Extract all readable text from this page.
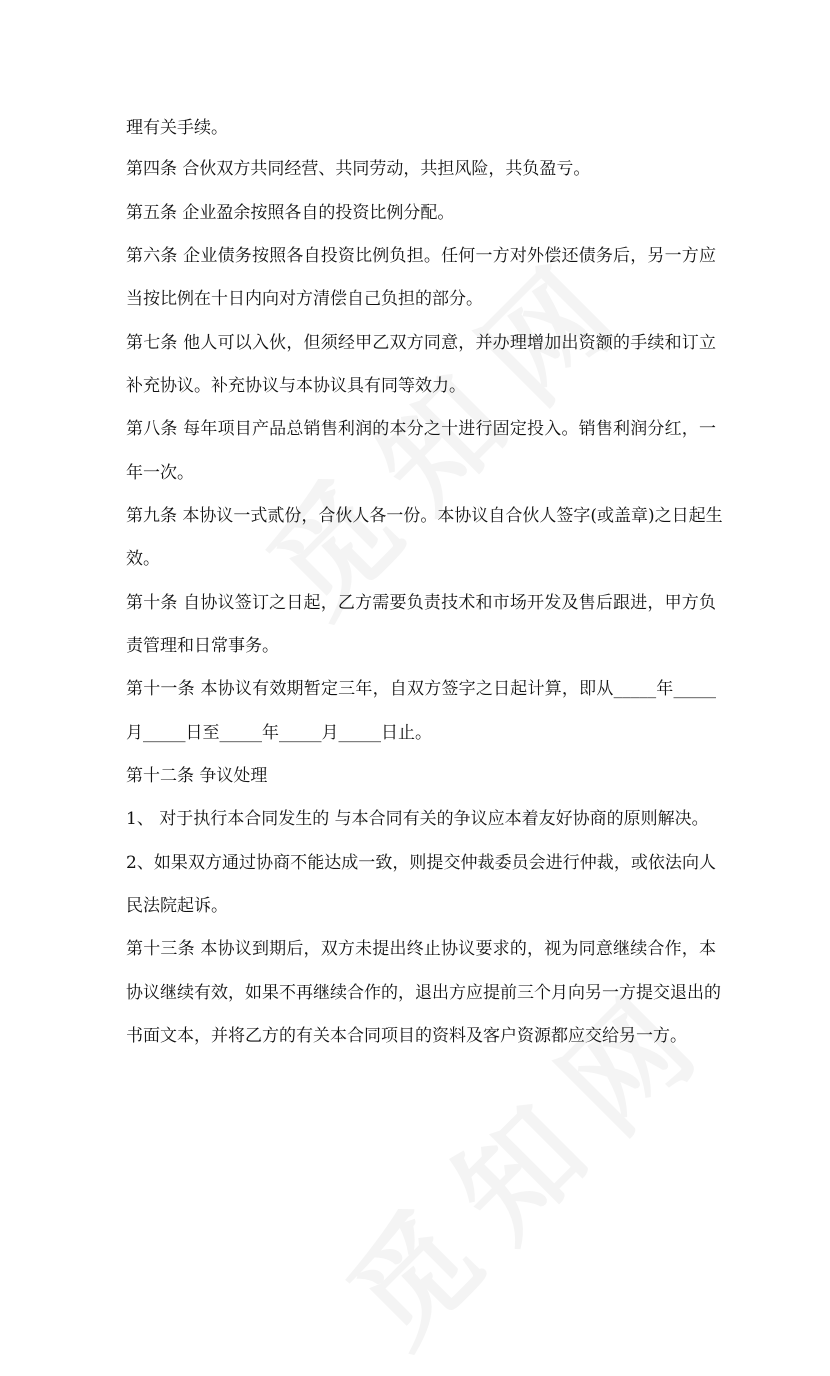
理有关手续。
第四条 合伙双方共同经营、共同劳动，共担风险，共负盈亏。
第五条 企业盈余按照各自的投资比例分配。
第六条 企业债务按照各自投资比例负担。任何一方对外偿还债务后，另一方应
当按比例在十日内向对方清偿自己负担的部分。
第七条 他人可以入伙，但须经甲乙双方同意，并办理增加出资额的手续和订立
补充协议。补充协议与本协议具有同等效力。
第八条 每年项目产品总销售利润的本分之十进行固定投入。销售利润分红，一
年一次。
第九条 本协议一式贰份，合伙人各一份。本协议自合伙人签字(或盖章)之日起生
效。
第十条 自协议签订之日起，乙方需要负责技术和市场开发及售后跟进，甲方负
责管理和日常事务。
第十一条 本协议有效期暂定三年，自双方签字之日起计算，即从_____年_____
月_____日至_____年_____月_____日止。
第十二条 争议处理
1、 对于执行本合同发生的 与本合同有关的争议应本着友好协商的原则解决。
2、如果双方通过协商不能达成一致，则提交仲裁委员会进行仲裁，或依法向人
民法院起诉。
第十三条 本协议到期后，双方未提出终止协议要求的，视为同意继续合作，本
协议继续有效，如果不再继续合作的，退出方应提前三个月向另一方提交退出的
书面文本，并将乙方的有关本合同项目的资料及客户资源都应交给另一方。
